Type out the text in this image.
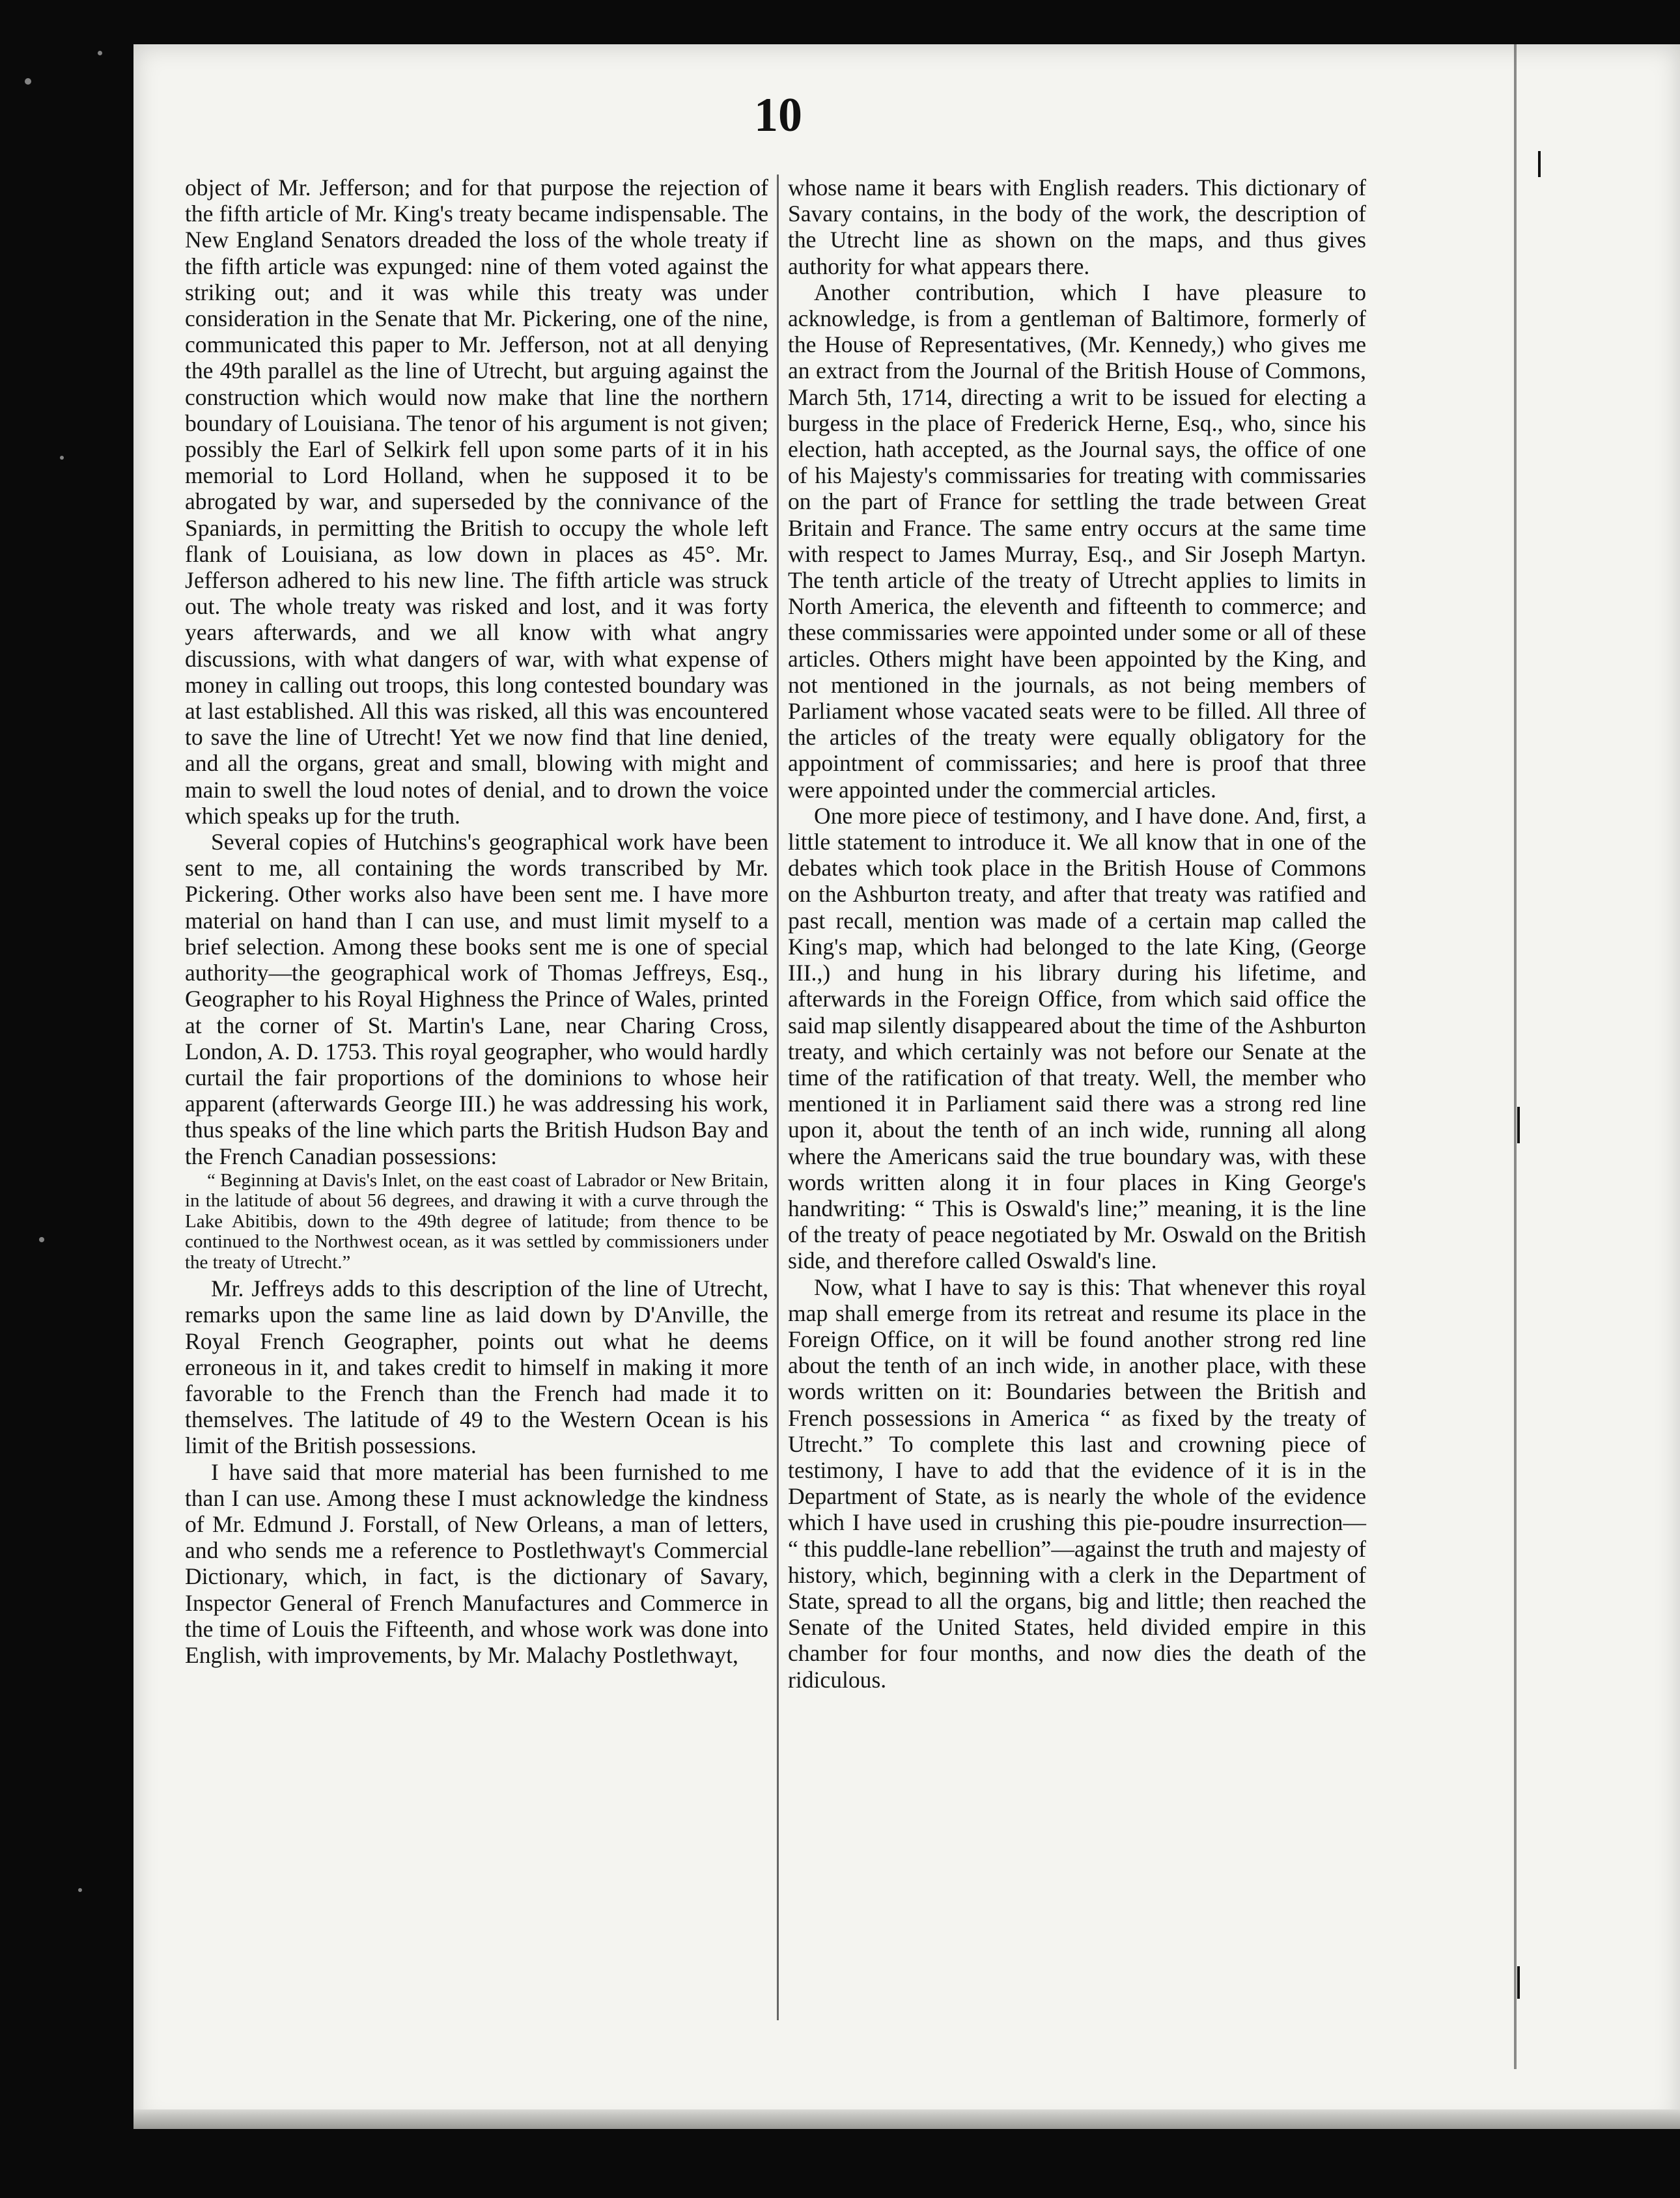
10

object of Mr. Jefferson; and for that purpose the rejection of the fifth article of Mr. King's treaty became indispensable. The New England Senators dreaded the loss of the whole treaty if the fifth article was expunged: nine of them voted against the striking out; and it was while this treaty was under consideration in the Senate that Mr. Pickering, one of the nine, communicated this paper to Mr. Jefferson, not at all denying the 49th parallel as the line of Utrecht, but arguing against the construction which would now make that line the northern boundary of Louisiana. The tenor of his argument is not given; possibly the Earl of Selkirk fell upon some parts of it in his memorial to Lord Holland, when he supposed it to be abrogated by war, and superseded by the connivance of the Spaniards, in permitting the British to occupy the whole left flank of Louisiana, as low down in places as 45°. Mr. Jefferson adhered to his new line. The fifth article was struck out. The whole treaty was risked and lost, and it was forty years afterwards, and we all know with what angry discussions, with what dangers of war, with what expense of money in calling out troops, this long contested boundary was at last established. All this was risked, all this was encountered to save the line of Utrecht! Yet we now find that line denied, and all the organs, great and small, blowing with might and main to swell the loud notes of denial, and to drown the voice which speaks up for the truth.

Several copies of Hutchins's geographical work have been sent to me, all containing the words transcribed by Mr. Pickering. Other works also have been sent me. I have more material on hand than I can use, and must limit myself to a brief selection. Among these books sent me is one of special authority—the geographical work of Thomas Jeffreys, Esq., Geographer to his Royal Highness the Prince of Wales, printed at the corner of St. Martin's Lane, near Charing Cross, London, A. D. 1753. This royal geographer, who would hardly curtail the fair proportions of the dominions to whose heir apparent (afterwards George III.) he was addressing his work, thus speaks of the line which parts the British Hudson Bay and the French Canadian possessions:

“ Beginning at Davis's Inlet, on the east coast of Labrador or New Britain, in the latitude of about 56 degrees, and drawing it with a curve through the Lake Abitibis, down to the 49th degree of latitude; from thence to be continued to the Northwest ocean, as it was settled by commissioners under the treaty of Utrecht.”

Mr. Jeffreys adds to this description of the line of Utrecht, remarks upon the same line as laid down by D'Anville, the Royal French Geographer, points out what he deems erroneous in it, and takes credit to himself in making it more favorable to the French than the French had made it to themselves. The latitude of 49 to the Western Ocean is his limit of the British possessions.

I have said that more material has been furnished to me than I can use. Among these I must acknowledge the kindness of Mr. Edmund J. Forstall, of New Orleans, a man of letters, and who sends me a reference to Postlethwayt's Commercial Dictionary, which, in fact, is the dictionary of Savary, Inspector General of French Manufactures and Commerce in the time of Louis the Fifteenth, and whose work was done into English, with improvements, by Mr. Malachy Postlethwayt,

whose name it bears with English readers. This dictionary of Savary contains, in the body of the work, the description of the Utrecht line as shown on the maps, and thus gives authority for what appears there.

Another contribution, which I have pleasure to acknowledge, is from a gentleman of Baltimore, formerly of the House of Representatives, (Mr. Kennedy,) who gives me an extract from the Journal of the British House of Commons, March 5th, 1714, directing a writ to be issued for electing a burgess in the place of Frederick Herne, Esq., who, since his election, hath accepted, as the Journal says, the office of one of his Majesty's commissaries for treating with commissaries on the part of France for settling the trade between Great Britain and France. The same entry occurs at the same time with respect to James Murray, Esq., and Sir Joseph Martyn. The tenth article of the treaty of Utrecht applies to limits in North America, the eleventh and fifteenth to commerce; and these commissaries were appointed under some or all of these articles. Others might have been appointed by the King, and not mentioned in the journals, as not being members of Parliament whose vacated seats were to be filled. All three of the articles of the treaty were equally obligatory for the appointment of commissaries; and here is proof that three were appointed under the commercial articles.

One more piece of testimony, and I have done. And, first, a little statement to introduce it. We all know that in one of the debates which took place in the British House of Commons on the Ashburton treaty, and after that treaty was ratified and past recall, mention was made of a certain map called the King's map, which had belonged to the late King, (George III.,) and hung in his library during his lifetime, and afterwards in the Foreign Office, from which said office the said map silently disappeared about the time of the Ashburton treaty, and which certainly was not before our Senate at the time of the ratification of that treaty. Well, the member who mentioned it in Parliament said there was a strong red line upon it, about the tenth of an inch wide, running all along where the Americans said the true boundary was, with these words written along it in four places in King George's handwriting: “ This is Oswald's line;” meaning, it is the line of the treaty of peace negotiated by Mr. Oswald on the British side, and therefore called Oswald's line.

Now, what I have to say is this: That whenever this royal map shall emerge from its retreat and resume its place in the Foreign Office, on it will be found another strong red line about the tenth of an inch wide, in another place, with these words written on it: Boundaries between the British and French possessions in America “ as fixed by the treaty of Utrecht.” To complete this last and crowning piece of testimony, I have to add that the evidence of it is in the Department of State, as is nearly the whole of the evidence which I have used in crushing this pie-poudre insurrection— “ this puddle-lane rebellion”—against the truth and majesty of history, which, beginning with a clerk in the Department of State, spread to all the organs, big and little; then reached the Senate of the United States, held divided empire in this chamber for four months, and now dies the death of the ridiculous.
